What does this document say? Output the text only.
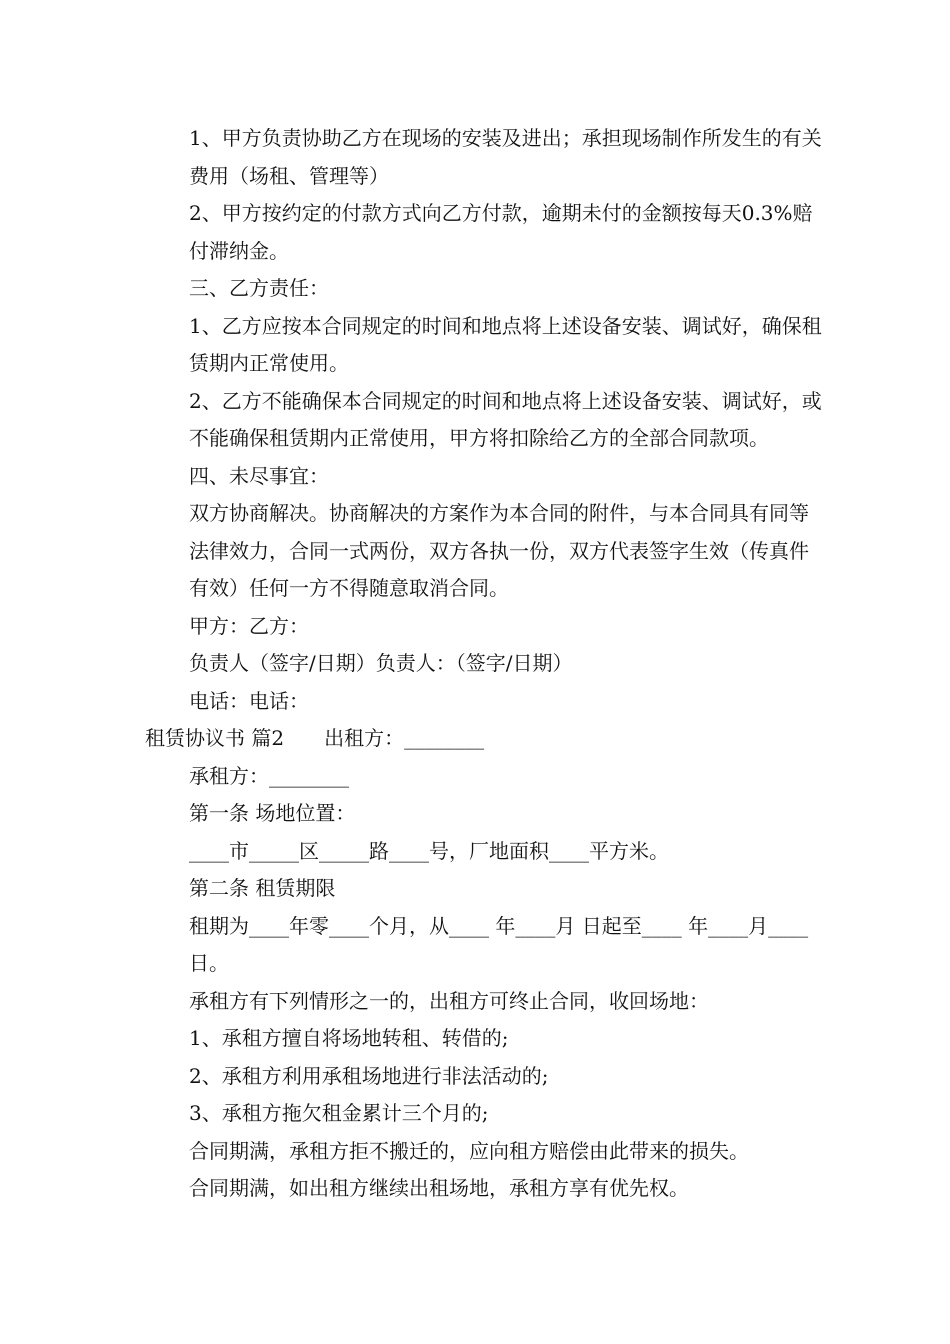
1、甲方负责协助乙方在现场的安装及进出；承担现场制作所发生的有关费用（场租、管理等）

2、甲方按约定的付款方式向乙方付款，逾期未付的金额按每天0.3%赔付滞纳金。

三、乙方责任：

1、乙方应按本合同规定的时间和地点将上述设备安装、调试好，确保租赁期内正常使用。

2、乙方不能确保本合同规定的时间和地点将上述设备安装、调试好，或不能确保租赁期内正常使用，甲方将扣除给乙方的全部合同款项。

四、未尽事宜：

双方协商解决。协商解决的方案作为本合同的附件，与本合同具有同等法律效力，合同一式两份，双方各执一份，双方代表签字生效（传真件有效）任何一方不得随意取消合同。

甲方：乙方：

负责人（签字/日期）负责人：（签字/日期）

电话：电话：

租赁协议书 篇2　　出租方：________

承租方：________

第一条 场地位置：

____市_____区_____路____号，厂地面积____平方米。

第二条 租赁期限

租期为____年零____个月，从____ 年____月 日起至____ 年____月____日。

承租方有下列情形之一的，出租方可终止合同，收回场地：

1、承租方擅自将场地转租、转借的;

2、承租方利用承租场地进行非法活动的;

3、承租方拖欠租金累计三个月的;

合同期满，承租方拒不搬迁的，应向租方赔偿由此带来的损失。

合同期满，如出租方继续出租场地，承租方享有优先权。
